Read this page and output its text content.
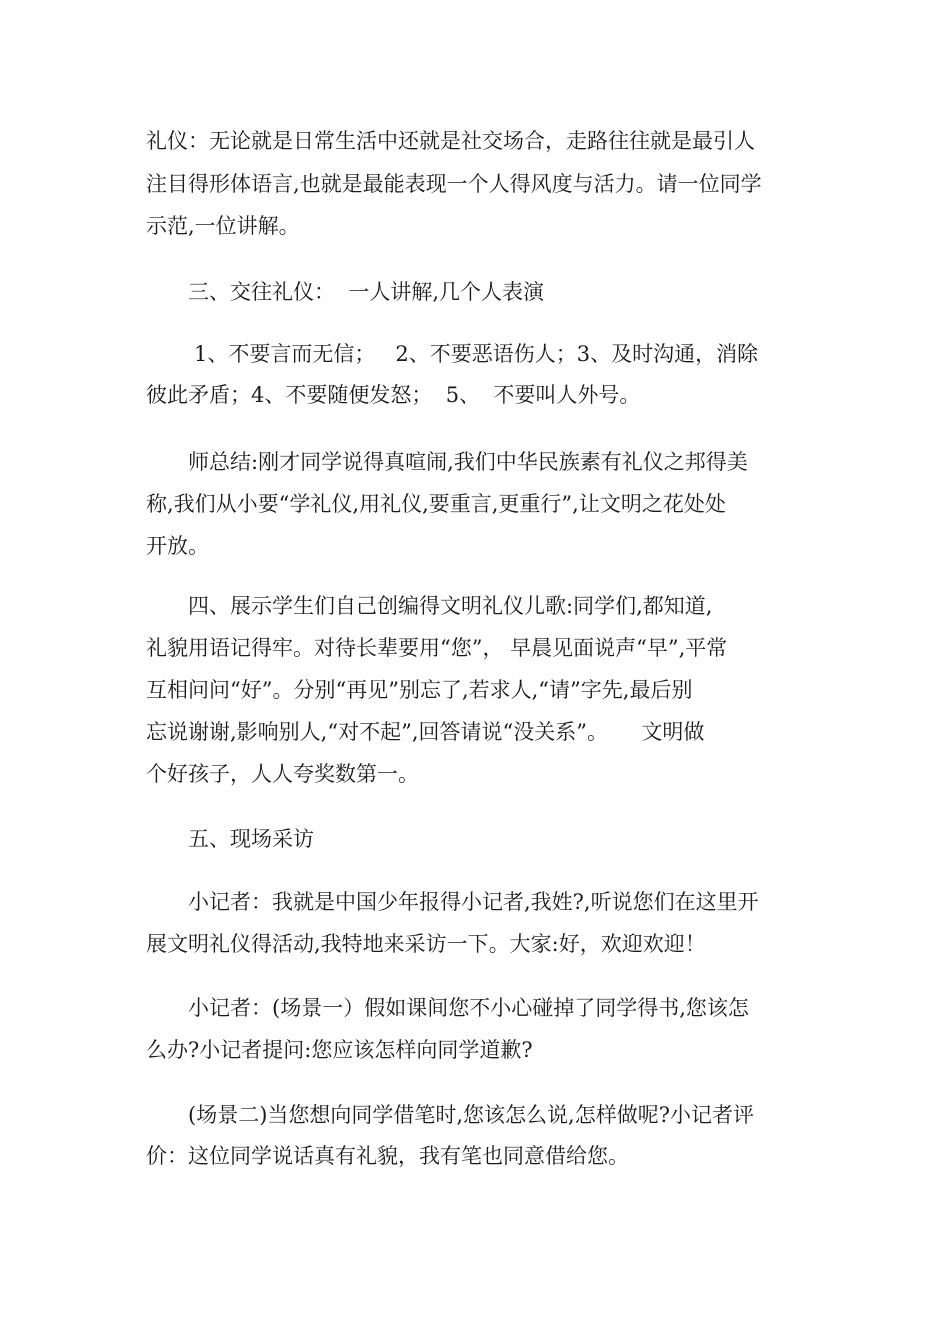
礼仪：无论就是日常生活中还就是社交场合，走路往往就是最引人
注目得形体语言,也就是最能表现一个人得风度与活力。请一位同学
示范,一位讲解。
三、交往礼仪：  一人讲解,几个人表演
1、不要言而无信；   2、不要恶语伤人；3、及时沟通，消除
彼此矛盾；4、不要随便发怒；  5、  不要叫人外号。
师总结:刚才同学说得真喧闹,我们中华民族素有礼仪之邦得美
称,我们从小要“学礼仪,用礼仪,要重言,更重行”,让文明之花处处
开放。
四、展示学生们自己创编得文明礼仪儿歌:同学们,都知道,
礼貌用语记得牢。对待长辈要用“您”， 早晨见面说声“早”,平常
互相问问“好”。分别“再见”别忘了,若求人,“请”字先,最后别
忘说谢谢,影响别人,“对不起”,回答请说“没关系”。     文明做
个好孩子，人人夸奖数第一。
五、现场采访
小记者：我就是中国少年报得小记者,我姓?,听说您们在这里开
展文明礼仪得活动,我特地来采访一下。大家:好，欢迎欢迎！
小记者：(场景一）假如课间您不小心碰掉了同学得书,您该怎
么办?小记者提问:您应该怎样向同学道歉?
(场景二)当您想向同学借笔时,您该怎么说,怎样做呢?小记者评
价：这位同学说话真有礼貌，我有笔也同意借给您。
